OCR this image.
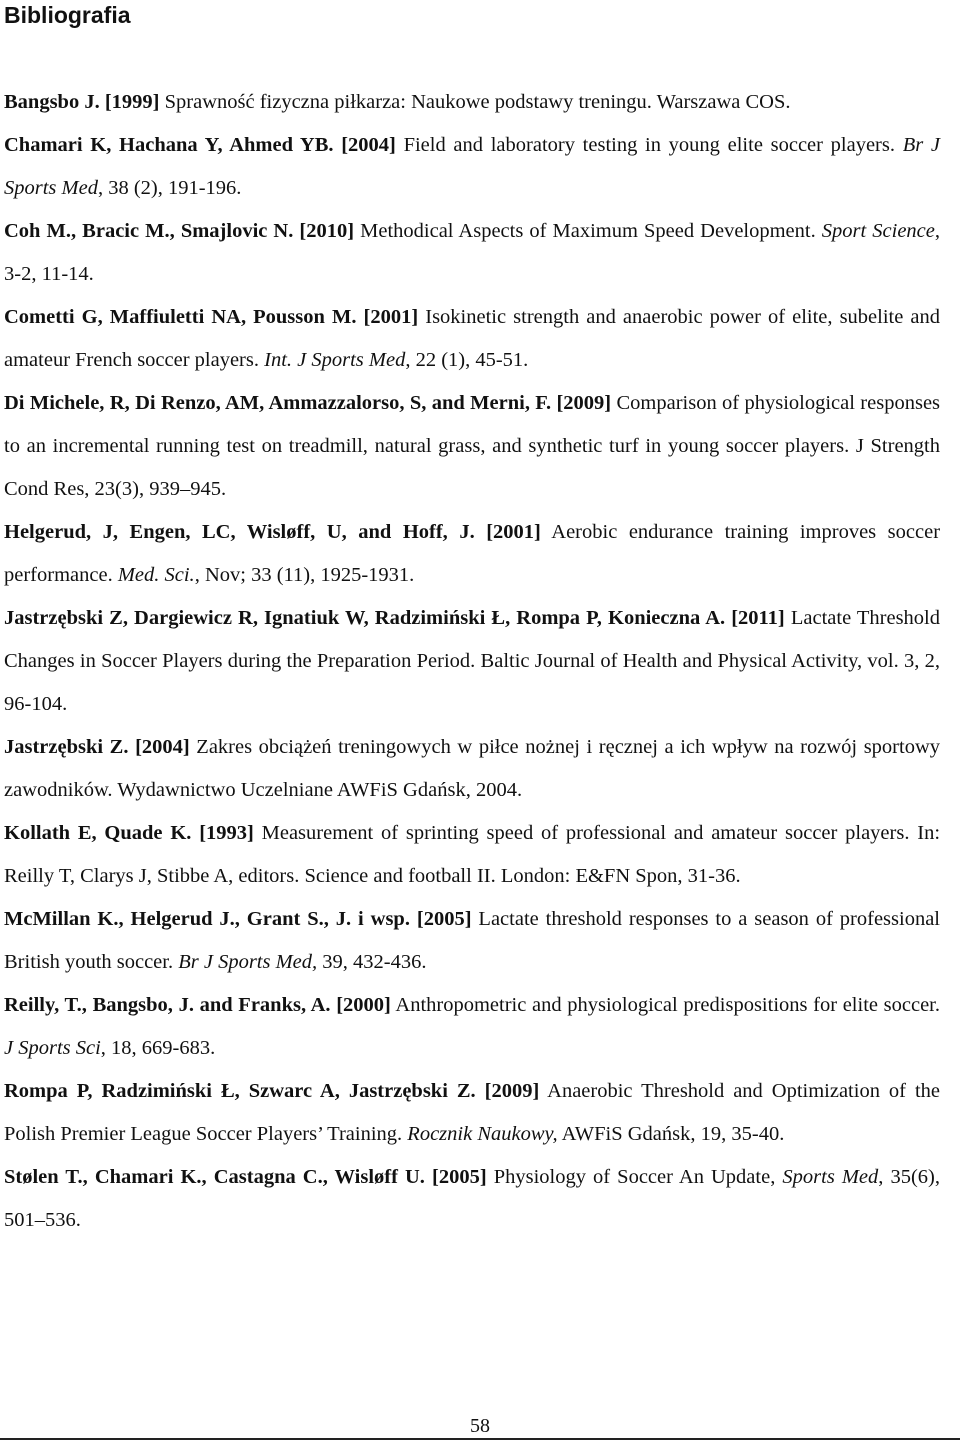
Bibliografia

Bangsbo J. [1999] Sprawność fizyczna piłkarza: Naukowe podstawy treningu. Warszawa COS.

Chamari K, Hachana Y, Ahmed YB. [2004] Field and laboratory testing in young elite soccer players. Br J Sports Med, 38 (2), 191-196.

Coh M., Bracic M., Smajlovic N. [2010] Methodical Aspects of Maximum Speed Development. Sport Science, 3-2, 11-14.

Cometti G, Maffiuletti NA, Pousson M. [2001] Isokinetic strength and anaerobic power of elite, subelite and amateur French soccer players. Int. J Sports Med, 22 (1), 45-51.

Di Michele, R, Di Renzo, AM, Ammazzalorso, S, and Merni, F. [2009] Comparison of physiological responses to an incremental running test on treadmill, natural grass, and synthetic turf in young soccer players. J Strength Cond Res, 23(3), 939–945.

Helgerud, J, Engen, LC, Wisløff, U, and Hoff, J. [2001] Aerobic endurance training improves soccer performance. Med. Sci., Nov; 33 (11), 1925-1931.

Jastrzębski Z, Dargiewicz R, Ignatiuk W, Radzimiński Ł, Rompa P, Konieczna A. [2011] Lactate Threshold Changes in Soccer Players during the Preparation Period. Baltic Journal of Health and Physical Activity, vol. 3, 2, 96-104.

Jastrzębski Z. [2004] Zakres obciążeń treningowych w piłce nożnej i ręcznej a ich wpływ na rozwój sportowy zawodników. Wydawnictwo Uczelniane AWFiS Gdańsk, 2004.

Kollath E, Quade K. [1993] Measurement of sprinting speed of professional and amateur soccer players. In: Reilly T, Clarys J, Stibbe A, editors. Science and football II. London: E&FN Spon, 31-36.

McMillan K., Helgerud J., Grant S., J. i wsp. [2005] Lactate threshold responses to a season of professional British youth soccer. Br J Sports Med, 39, 432-436.

Reilly, T., Bangsbo, J. and Franks, A. [2000] Anthropometric and physiological predispositions for elite soccer. J Sports Sci, 18, 669-683.

Rompa P, Radzimiński Ł, Szwarc A, Jastrzębski Z. [2009] Anaerobic Threshold and Optimization of the Polish Premier League Soccer Players’ Training. Rocznik Naukowy, AWFiS Gdańsk, 19, 35-40.

Stølen T., Chamari K., Castagna C., Wisløff U. [2005] Physiology of Soccer An Update, Sports Med, 35(6), 501–536.

58
